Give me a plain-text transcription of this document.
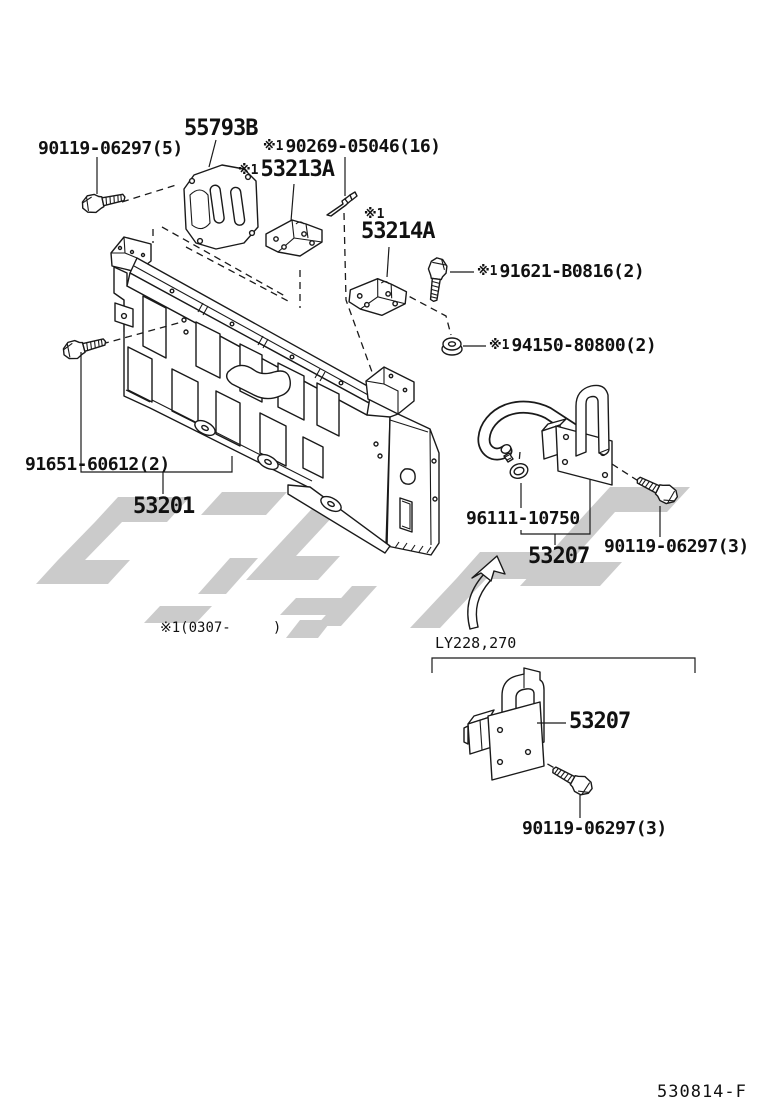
90119-06297(5)
55793B
※1 90269-05046(16)
※153213A
※1
53214A
※1 91621-B0816(2)
※1 94150-80800(2)
91651-60612(2)
53201	96111-10750
53207 90119-06297(3)
※1(0307-     )
LY228,270
53207
90119-06297(3)
530814-F
